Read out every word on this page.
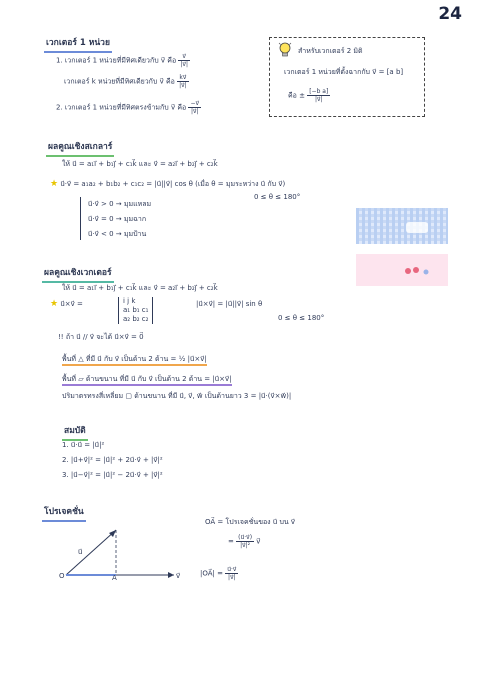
24
เวกเตอร์ 1 หน่วย
1. เวกเตอร์ 1 หน่วยที่มีทิศเดียวกับ v⃗ คือ $\frac{v⃗}{|v⃗|}$
เวกเตอร์ k หน่วยที่มีทิศเดียวกับ v⃗ คือ $\frac{kv⃗}{|v⃗|}$
2. เวกเตอร์ 1 หน่วยที่มีทิศตรงข้ามกับ v⃗ คือ $\frac{-v⃗}{|v⃗|}$
สำหรับเวกเตอร์ 2 มิติ
เวกเตอร์ 1 หน่วยที่ตั้งฉากกับ v⃗ = [a b]
คือ ± $\frac{\text{[−b a]}}{|v⃗|}$
ผลคูณเชิงสเกลาร์
ให้ u⃗ = a₁i⃗ + b₁j⃗ + c₁k⃗ และ v⃗ = a₂i⃗ + b₂j⃗ + c₂k⃗
★ u⃗·v⃗ = a₁a₂ + b₁b₂ + c₁c₂ = |u⃗||v⃗| cos θ (เมื่อ θ = มุมระหว่าง u⃗ กับ v⃗)
0 ≤ θ ≤ 180°
u⃗·v⃗ > 0 → มุมแหลม
u⃗·v⃗ = 0 → มุมฉาก
u⃗·v⃗ < 0 → มุมป้าน
ผลคูณเชิงเวกเตอร์
ให้ u⃗ = a₁i⃗ + b₁j⃗ + c₁k⃗ และ v⃗ = a₂i⃗ + b₂j⃗ + c₂k⃗
★ u⃗×v⃗ =	i j k
a₁ b₁ c₁
a₂ b₂ c₂
|u⃗×v⃗| = |u⃗||v⃗| sin θ
0 ≤ θ ≤ 180°
!! ถ้า u⃗ // v⃗ จะได้ u⃗×v⃗ = 0⃗
พื้นที่ △ ที่มี u⃗ กับ v⃗ เป็นด้าน 2 ด้าน = ½ |u⃗×v⃗|
พื้นที่ ▱ ด้านขนาน ที่มี u⃗ กับ v⃗ เป็นด้าน 2 ด้าน = |u⃗×v⃗|
ปริมาตรทรงสี่เหลี่ยม ▢ ด้านขนาน ที่มี u⃗, v⃗, w⃗ เป็นด้านยาว 3 = |u⃗·(v⃗×w⃗)|
สมบัติ
1. u⃗·u⃗ = |u⃗|²
2. |u⃗+v⃗|² = |u⃗|² + 2u⃗·v⃗ + |v⃗|²
3. |u⃗−v⃗|² = |u⃗|² − 2u⃗·v⃗ + |v⃗|²
โปรเจคชั่น
u⃗
v⃗
O	A
OA⃗ = โปรเจคชั่นของ u⃗ บน v⃗
= $\frac{(u⃗\cdot v⃗)}{\text{|v⃗|²}}$ v⃗
|OA⃗| = $\frac{u⃗\cdot v⃗}{|v⃗|}$
